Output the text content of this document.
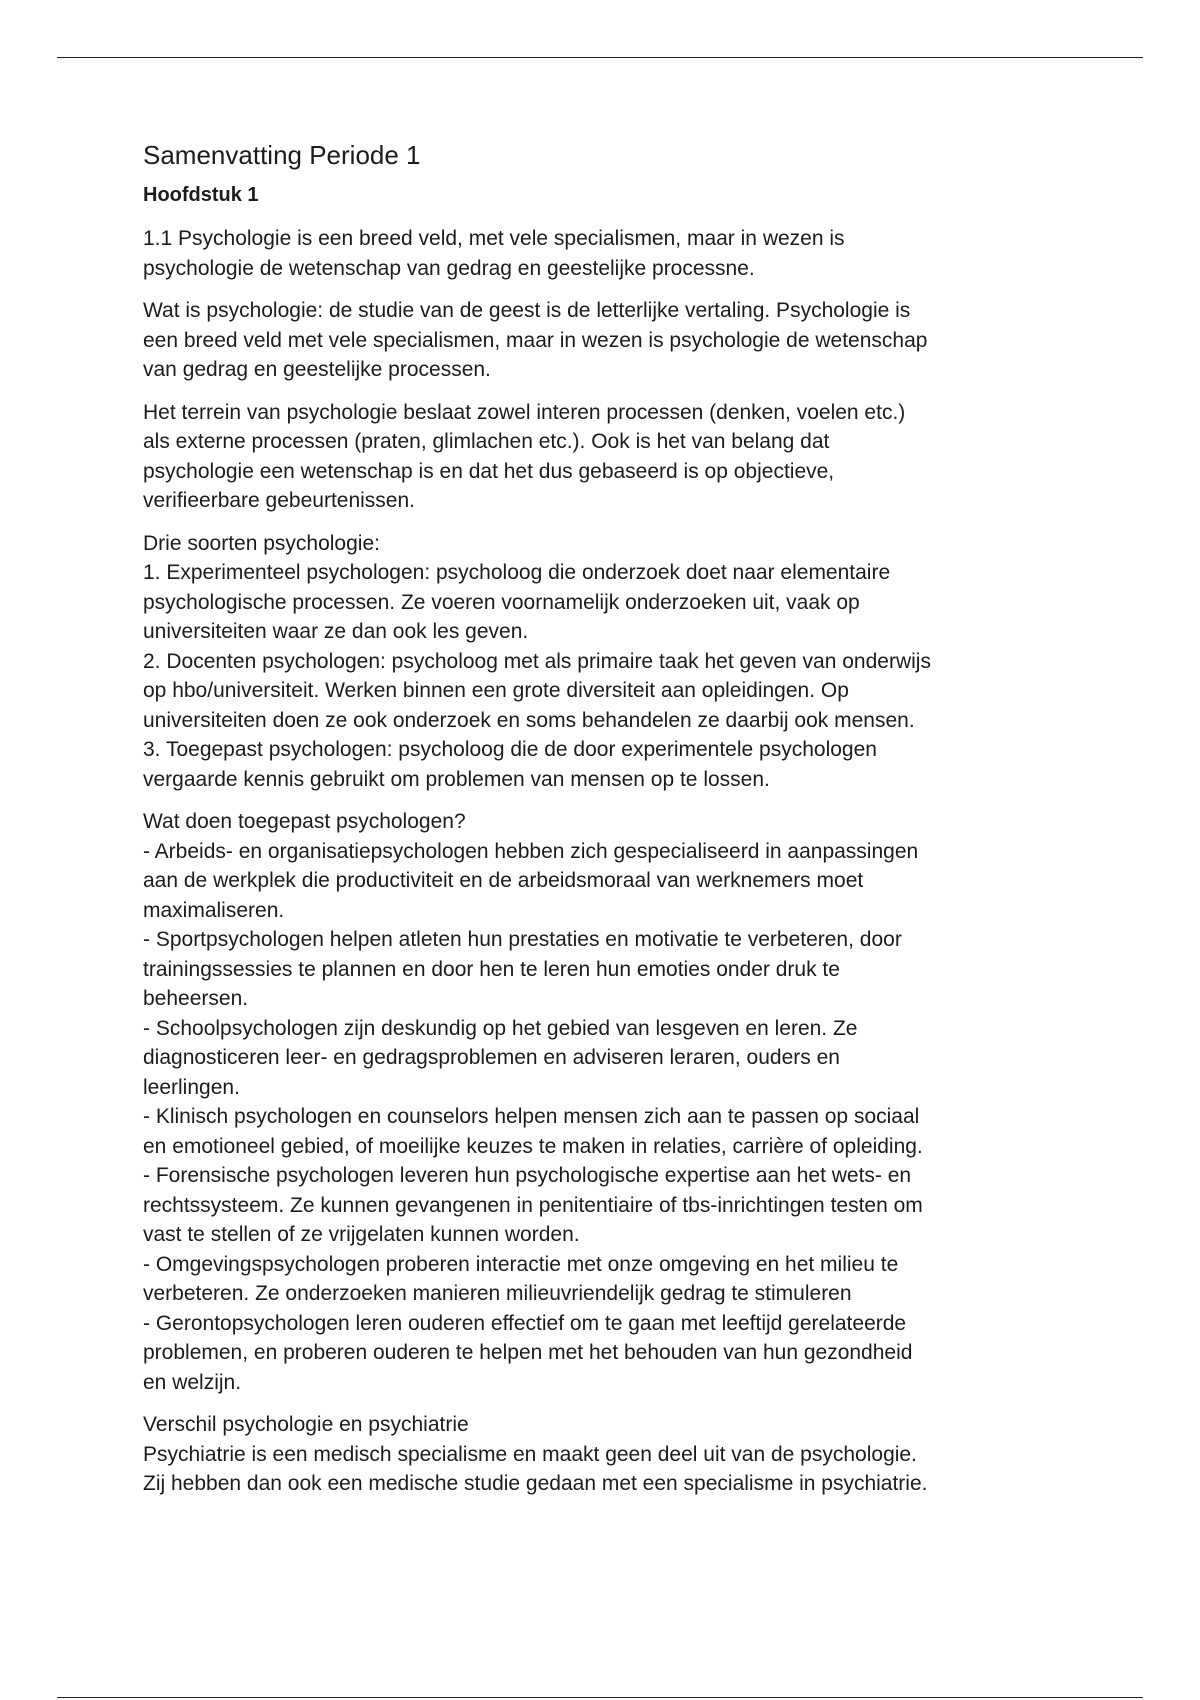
Samenvatting Periode 1
Hoofdstuk 1
1.1 Psychologie is een breed veld, met vele specialismen, maar in wezen is
psychologie de wetenschap van gedrag en geestelijke processne.
Wat is psychologie: de studie van de geest is de letterlijke vertaling. Psychologie is
een breed veld met vele specialismen, maar in wezen is psychologie de wetenschap
van gedrag en geestelijke processen.
Het terrein van psychologie beslaat zowel interen processen (denken, voelen etc.)
als externe processen (praten, glimlachen etc.). Ook is het van belang dat
psychologie een wetenschap is en dat het dus gebaseerd is op objectieve,
verifieerbare gebeurtenissen.
Drie soorten psychologie:
1. Experimenteel psychologen: psycholoog die onderzoek doet naar elementaire
psychologische processen. Ze voeren voornamelijk onderzoeken uit, vaak op
universiteiten waar ze dan ook les geven.
2. Docenten psychologen: psycholoog met als primaire taak het geven van onderwijs
op hbo/universiteit. Werken binnen een grote diversiteit aan opleidingen. Op
universiteiten doen ze ook onderzoek en soms behandelen ze daarbij ook mensen.
3. Toegepast psychologen: psycholoog die de door experimentele psychologen
vergaarde kennis gebruikt om problemen van mensen op te lossen.
Wat doen toegepast psychologen?
- Arbeids- en organisatiepsychologen hebben zich gespecialiseerd in aanpassingen
aan de werkplek die productiviteit en de arbeidsmoraal van werknemers moet
maximaliseren.
- Sportpsychologen helpen atleten hun prestaties en motivatie te verbeteren, door
trainingssessies te plannen en door hen te leren hun emoties onder druk te
beheersen.
- Schoolpsychologen zijn deskundig op het gebied van lesgeven en leren. Ze
diagnosticeren leer- en gedragsproblemen en adviseren leraren, ouders en
leerlingen.
- Klinisch psychologen en counselors helpen mensen zich aan te passen op sociaal
en emotioneel gebied, of moeilijke keuzes te maken in relaties, carrière of opleiding.
- Forensische psychologen leveren hun psychologische expertise aan het wets- en
rechtssysteem. Ze kunnen gevangenen in penitentiaire of tbs-inrichtingen testen om
vast te stellen of ze vrijgelaten kunnen worden.
- Omgevingspsychologen proberen interactie met onze omgeving en het milieu te
verbeteren. Ze onderzoeken manieren milieuvriendelijk gedrag te stimuleren
- Gerontopsychologen leren ouderen effectief om te gaan met leeftijd gerelateerde
problemen, en proberen ouderen te helpen met het behouden van hun gezondheid
en welzijn.
Verschil psychologie en psychiatrie
Psychiatrie is een medisch specialisme en maakt geen deel uit van de psychologie.
Zij hebben dan ook een medische studie gedaan met een specialisme in psychiatrie.
